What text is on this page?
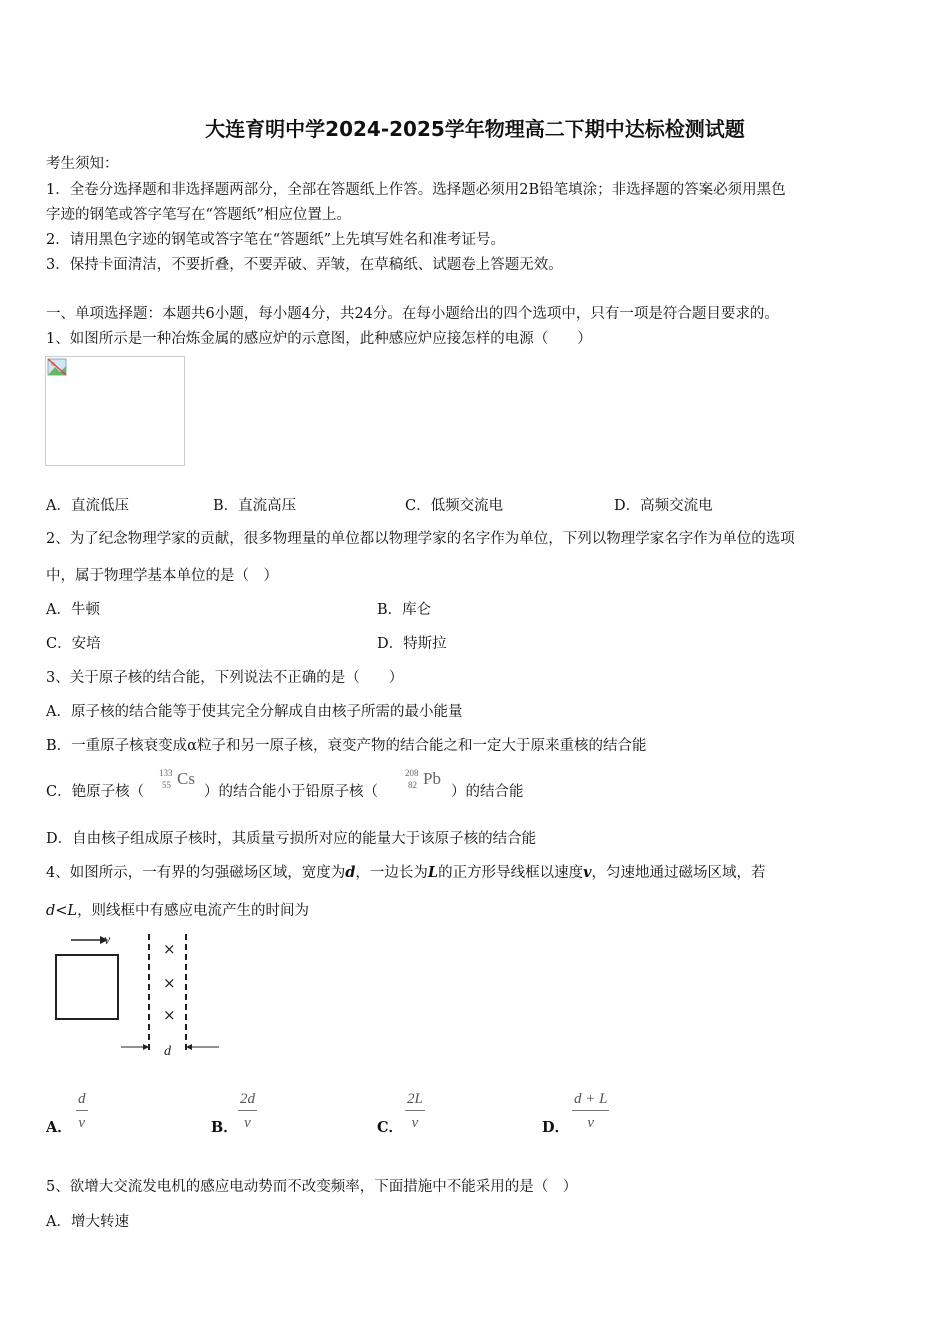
大连育明中学2024-2025学年物理高二下期中达标检测试题
考生须知：
1．全卷分选择题和非选择题两部分，全部在答题纸上作答。选择题必须用2B铅笔填涂；非选择题的答案必须用黑色
字迹的钢笔或答字笔写在“答题纸”相应位置上。
2．请用黑色字迹的钢笔或答字笔在“答题纸”上先填写姓名和准考证号。
3．保持卡面清洁，不要折叠，不要弄破、弄皱，在草稿纸、试题卷上答题无效。
一、单项选择题：本题共6小题，每小题4分，共24分。在每小题给出的四个选项中，只有一项是符合题目要求的。
1、如图所示是一种冶炼金属的感应炉的示意图，此种感应炉应接怎样的电源（　　）
A．直流低压	B．直流高压	C．低频交流电	D．高频交流电
2、为了纪念物理学家的贡献，很多物理量的单位都以物理学家的名字作为单位，下列以物理学家名字作为单位的选项
中，属于物理学基本单位的是（　）
A．牛顿	B．库仑
C．安培	D．特斯拉
3、关于原子核的结合能，下列说法不正确的是（　　）
A．原子核的结合能等于使其完全分解成自由核子所需的最小能量
B．一重原子核衰变成α粒子和另一原子核，衰变产物的结合能之和一定大于原来重核的结合能
C．铯原子核（
133
55 Cs
）的结合能小于铅原子核（
208
82 Pb
）的结合能
D．自由核子组成原子核时，其质量亏损所对应的能量大于该原子核的结合能
4、如图所示，一有界的匀强磁场区域，宽度为d，一边长为L的正方形导线框以速度v，匀速地通过磁场区域，若
d<L，则线框中有感应电流产生的时间为
v	×
×
×
d
A． $\frac{d}{v}$	B． $\frac{2d}{v}$	C． $\frac{2L}{v}$	D． $\frac{d + L}{v}$
5、欲增大交流发电机的感应电动势而不改变频率，下面措施中不能采用的是（　）
A．增大转速
